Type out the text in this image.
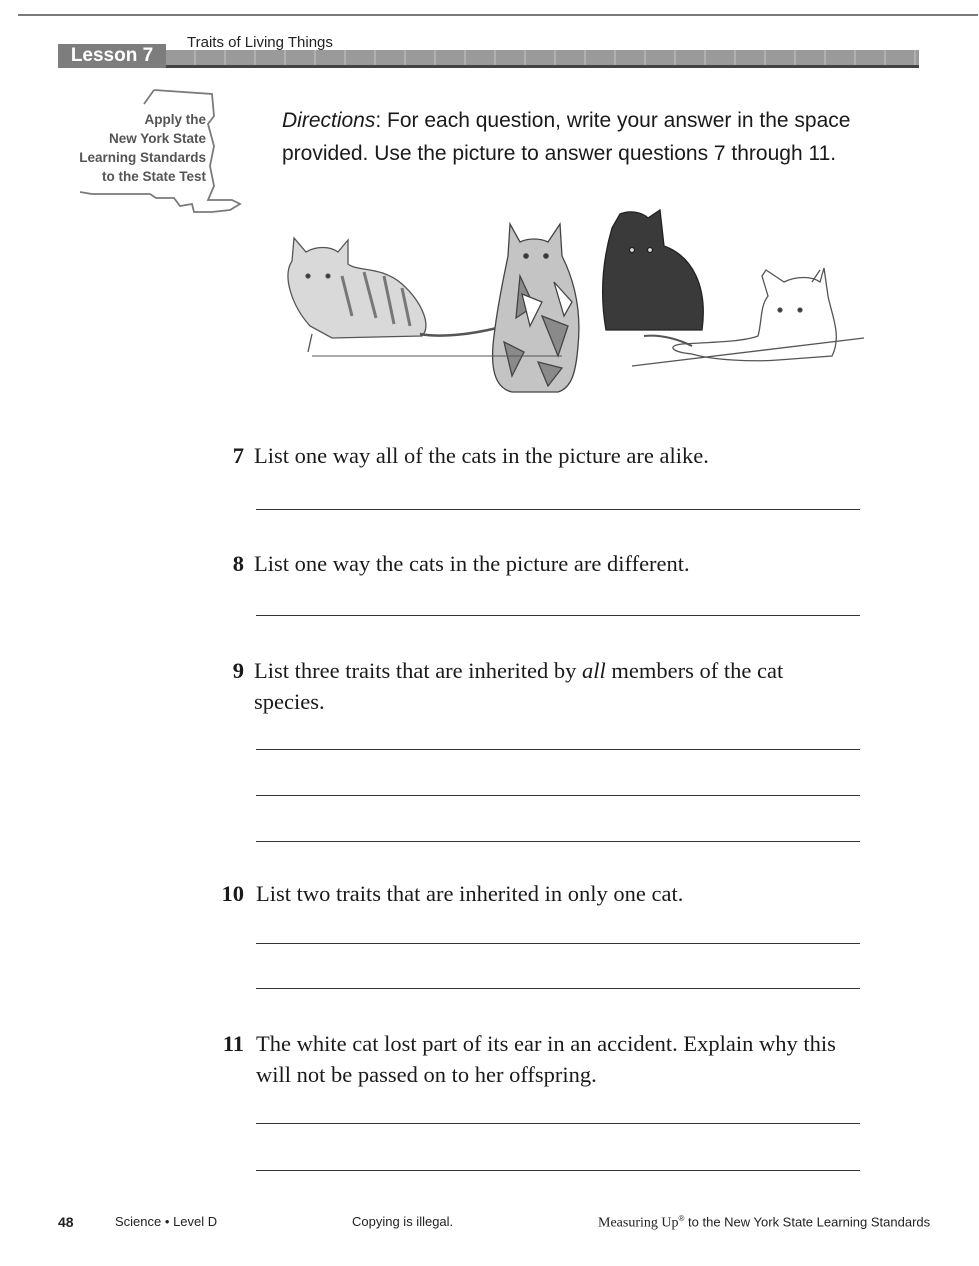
Lesson 7
Traits of Living Things
Apply the
New York State
Learning Standards
to the State Test
Directions: For each question, write your answer in the space provided. Use the picture to answer questions 7 through 11.
7 List one way all of the cats in the picture are alike.
8 List one way the cats in the picture are different.
9 List three traits that are inherited by all members of the cat species.
10 List two traits that are inherited in only one cat.
11 The white cat lost part of its ear in an accident. Explain why this will not be passed on to her offspring.
48	Science • Level D	Copying is illegal.	Measuring Up® to the New York State Learning Standards
